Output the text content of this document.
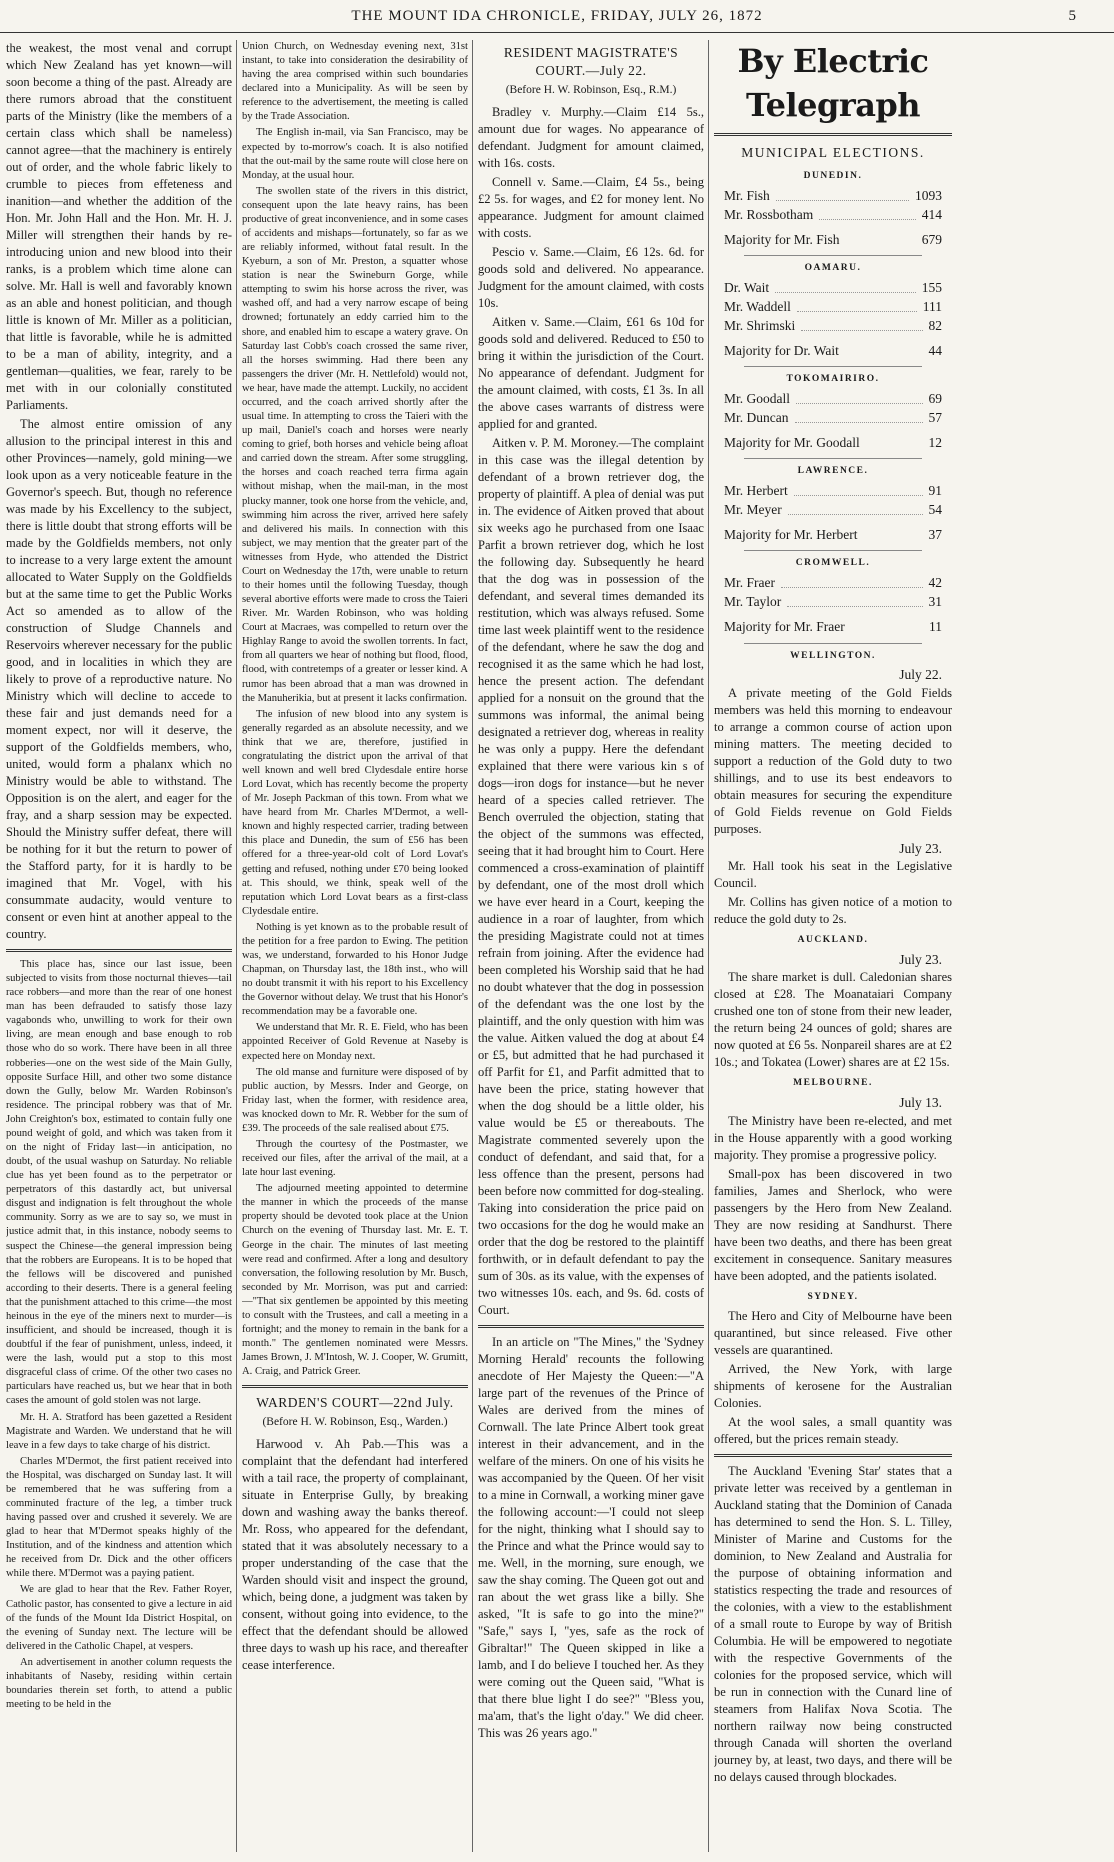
THE MOUNT IDA CHRONICLE, FRIDAY, JULY 26, 1872	5

the weakest, the most venal and corrupt which New Zealand has yet known—will soon become a thing of the past. Already are there rumors abroad that the constituent parts of the Ministry (like the members of a certain class which shall be nameless) cannot agree—that the machinery is entirely out of order, and the whole fabric likely to crumble to pieces from effeteness and inanition—and whether the addition of the Hon. Mr. John Hall and the Hon. Mr. H. J. Miller will strengthen their hands by re-introducing union and new blood into their ranks, is a problem which time alone can solve. Mr. Hall is well and favorably known as an able and honest politician, and though little is known of Mr. Miller as a politician, that little is favorable, while he is admitted to be a man of ability, integrity, and a gentleman—qualities, we fear, rarely to be met with in our colonially constituted Parliaments.

The almost entire omission of any allusion to the principal interest in this and other Provinces—namely, gold mining—we look upon as a very noticeable feature in the Governor's speech. But, though no reference was made by his Excellency to the subject, there is little doubt that strong efforts will be made by the Goldfields members, not only to increase to a very large extent the amount allocated to Water Supply on the Goldfields but at the same time to get the Public Works Act so amended as to allow of the construction of Sludge Channels and Reservoirs wherever necessary for the public good, and in localities in which they are likely to prove of a reproductive nature. No Ministry which will decline to accede to these fair and just demands need for a moment expect, nor will it deserve, the support of the Goldfields members, who, united, would form a phalanx which no Ministry would be able to withstand. The Opposition is on the alert, and eager for the fray, and a sharp session may be expected. Should the Ministry suffer defeat, there will be nothing for it but the return to power of the Stafford party, for it is hardly to be imagined that Mr. Vogel, with his consummate audacity, would venture to consent or even hint at another appeal to the country.

This place has, since our last issue, been subjected to visits from those nocturnal thieves—tail race robbers—and more than the rear of one honest man has been defrauded to satisfy those lazy vagabonds who, unwilling to work for their own living, are mean enough and base enough to rob those who do so work. There have been in all three robberies—one on the west side of the Main Gully, opposite Surface Hill, and other two some distance down the Gully, below Mr. Warden Robinson's residence. The principal robbery was that of Mr. John Creighton's box, estimated to contain fully one pound weight of gold, and which was taken from it on the night of Friday last—in anticipation, no doubt, of the usual washup on Saturday. No reliable clue has yet been found as to the perpetrator or perpetrators of this dastardly act, but universal disgust and indignation is felt throughout the whole community. Sorry as we are to say so, we must in justice admit that, in this instance, nobody seems to suspect the Chinese—the general impression being that the robbers are Europeans. It is to be hoped that the fellows will be discovered and punished according to their deserts. There is a general feeling that the punishment attached to this crime—the most heinous in the eye of the miners next to murder—is insufficient, and should be increased, though it is doubtful if the fear of punishment, unless, indeed, it were the lash, would put a stop to this most disgraceful class of crime. Of the other two cases no particulars have reached us, but we hear that in both cases the amount of gold stolen was not large.

Mr. H. A. Stratford has been gazetted a Resident Magistrate and Warden. We understand that he will leave in a few days to take charge of his district.

Charles M'Dermot, the first patient received into the Hospital, was discharged on Sunday last. It will be remembered that he was suffering from a comminuted fracture of the leg, a timber truck having passed over and crushed it severely. We are glad to hear that M'Dermot speaks highly of the Institution, and of the kindness and attention which he received from Dr. Dick and the other officers while there. M'Dermot was a paying patient.

We are glad to hear that the Rev. Father Royer, Catholic pastor, has consented to give a lecture in aid of the funds of the Mount Ida District Hospital, on the evening of Sunday next. The lecture will be delivered in the Catholic Chapel, at vespers.

An advertisement in another column requests the inhabitants of Naseby, residing within certain boundaries therein set forth, to attend a public meeting to be held in the

Union Church, on Wednesday evening next, 31st instant, to take into consideration the desirability of having the area comprised within such boundaries declared into a Municipality. As will be seen by reference to the advertisement, the meeting is called by the Trade Association.

The English in-mail, via San Francisco, may be expected by to-morrow's coach. It is also notified that the out-mail by the same route will close here on Monday, at the usual hour.

The swollen state of the rivers in this district, consequent upon the late heavy rains, has been productive of great inconvenience, and in some cases of accidents and mishaps—fortunately, so far as we are reliably informed, without fatal result. In the Kyeburn, a son of Mr. Preston, a squatter whose station is near the Swineburn Gorge, while attempting to swim his horse across the river, was washed off, and had a very narrow escape of being drowned; fortunately an eddy carried him to the shore, and enabled him to escape a watery grave. On Saturday last Cobb's coach crossed the same river, all the horses swimming. Had there been any passengers the driver (Mr. H. Nettlefold) would not, we hear, have made the attempt. Luckily, no accident occurred, and the coach arrived shortly after the usual time. In attempting to cross the Taieri with the up mail, Daniel's coach and horses were nearly coming to grief, both horses and vehicle being afloat and carried down the stream. After some struggling, the horses and coach reached terra firma again without mishap, when the mail-man, in the most plucky manner, took one horse from the vehicle, and, swimming him across the river, arrived here safely and delivered his mails. In connection with this subject, we may mention that the greater part of the witnesses from Hyde, who attended the District Court on Wednesday the 17th, were unable to return to their homes until the following Tuesday, though several abortive efforts were made to cross the Taieri River. Mr. Warden Robinson, who was holding Court at Macraes, was compelled to return over the Highlay Range to avoid the swollen torrents. In fact, from all quarters we hear of nothing but flood, flood, flood, with contretemps of a greater or lesser kind. A rumor has been abroad that a man was drowned in the Manuherikia, but at present it lacks confirmation.

The infusion of new blood into any system is generally regarded as an absolute necessity, and we think that we are, therefore, justified in congratulating the district upon the arrival of that well known and well bred Clydesdale entire horse Lord Lovat, which has recently become the property of Mr. Joseph Packman of this town. From what we have heard from Mr. Charles M'Dermot, a well-known and highly respected carrier, trading between this place and Dunedin, the sum of £56 has been offered for a three-year-old colt of Lord Lovat's getting and refused, nothing under £70 being looked at. This should, we think, speak well of the reputation which Lord Lovat bears as a first-class Clydesdale entire.

Nothing is yet known as to the probable result of the petition for a free pardon to Ewing. The petition was, we understand, forwarded to his Honor Judge Chapman, on Thursday last, the 18th inst., who will no doubt transmit it with his report to his Excellency the Governor without delay. We trust that his Honor's recommendation may be a favorable one.

We understand that Mr. R. E. Field, who has been appointed Receiver of Gold Revenue at Naseby is expected here on Monday next.

The old manse and furniture were disposed of by public auction, by Messrs. Inder and George, on Friday last, when the former, with residence area, was knocked down to Mr. R. Webber for the sum of £39. The proceeds of the sale realised about £75.

Through the courtesy of the Postmaster, we received our files, after the arrival of the mail, at a late hour last evening.

The adjourned meeting appointed to determine the manner in which the proceeds of the manse property should be devoted took place at the Union Church on the evening of Thursday last. Mr. E. T. George in the chair. The minutes of last meeting were read and confirmed. After a long and desultory conversation, the following resolution by Mr. Busch, seconded by Mr. Morrison, was put and carried:—"That six gentlemen be appointed by this meeting to consult with the Trustees, and call a meeting in a fortnight; and the money to remain in the bank for a month." The gentlemen nominated were Messrs. James Brown, J. M'Intosh, W. J. Cooper, W. Grumitt, A. Craig, and Patrick Greer.

WARDEN'S COURT—22nd July.
(Before H. W. Robinson, Esq., Warden.)

Harwood v. Ah Pab.—This was a complaint that the defendant had interfered with a tail race, the property of complainant, situate in Enterprise Gully, by breaking down and washing away the banks thereof. Mr. Ross, who appeared for the defendant, stated that it was absolutely necessary to a proper understanding of the case that the Warden should visit and inspect the ground, which, being done, a judgment was taken by consent, without going into evidence, to the effect that the defendant should be allowed three days to wash up his race, and thereafter cease interference.

RESIDENT MAGISTRATE'S COURT.—July 22.
(Before H. W. Robinson, Esq., R.M.)

Bradley v. Murphy.—Claim £14 5s., amount due for wages. No appearance of defendant. Judgment for amount claimed, with 16s. costs.

Connell v. Same.—Claim, £4 5s., being £2 5s. for wages, and £2 for money lent. No appearance. Judgment for amount claimed with costs.

Pescio v. Same.—Claim, £6 12s. 6d. for goods sold and delivered. No appearance. Judgment for the amount claimed, with costs 10s.

Aitken v. Same.—Claim, £61 6s 10d for goods sold and delivered. Reduced to £50 to bring it within the jurisdiction of the Court. No appearance of defendant. Judgment for the amount claimed, with costs, £1 3s. In all the above cases warrants of distress were applied for and granted.

Aitken v. P. M. Moroney.—The complaint in this case was the illegal detention by defendant of a brown retriever dog, the property of plaintiff. A plea of denial was put in. The evidence of Aitken proved that about six weeks ago he purchased from one Isaac Parfit a brown retriever dog, which he lost the following day. Subsequently he heard that the dog was in possession of the defendant, and several times demanded its restitution, which was always refused. Some time last week plaintiff went to the residence of the defendant, where he saw the dog and recognised it as the same which he had lost, hence the present action. The defendant applied for a nonsuit on the ground that the summons was informal, the animal being designated a retriever dog, whereas in reality he was only a puppy. Here the defendant explained that there were various kin s of dogs—iron dogs for instance—but he never heard of a species called retriever. The Bench overruled the objection, stating that the object of the summons was effected, seeing that it had brought him to Court. Here commenced a cross-examination of plaintiff by defendant, one of the most droll which we have ever heard in a Court, keeping the audience in a roar of laughter, from which the presiding Magistrate could not at times refrain from joining. After the evidence had been completed his Worship said that he had no doubt whatever that the dog in possession of the defendant was the one lost by the plaintiff, and the only question with him was the value. Aitken valued the dog at about £4 or £5, but admitted that he had purchased it off Parfit for £1, and Parfit admitted that to have been the price, stating however that when the dog should be a little older, his value would be £5 or thereabouts. The Magistrate commented severely upon the conduct of defendant, and said that, for a less offence than the present, persons had been before now committed for dog-stealing. Taking into consideration the price paid on two occasions for the dog he would make an order that the dog be restored to the plaintiff forthwith, or in default defendant to pay the sum of 30s. as its value, with the expenses of two witnesses 10s. each, and 9s. 6d. costs of Court.

In an article on "The Mines," the 'Sydney Morning Herald' recounts the following anecdote of Her Majesty the Queen:—"A large part of the revenues of the Prince of Wales are derived from the mines of Cornwall. The late Prince Albert took great interest in their advancement, and in the welfare of the miners. On one of his visits he was accompanied by the Queen. Of her visit to a mine in Cornwall, a working miner gave the following account:—'I could not sleep for the night, thinking what I should say to the Prince and what the Prince would say to me. Well, in the morning, sure enough, we saw the shay coming. The Queen got out and ran about the wet grass like a billy. She asked, "It is safe to go into the mine?" "Safe," says I, "yes, safe as the rock of Gibraltar!" The Queen skipped in like a lamb, and I do believe I touched her. As they were coming out the Queen said, "What is that there blue light I do see?" "Bless you, ma'am, that's the light o'day." We did cheer. This was 26 years ago."

By Electric Telegraph
MUNICIPAL ELECTIONS.
DUNEDIN.
Mr. Fish	1093
Mr. Rossbotham	414
Majority for Mr. Fish	679
OAMARU.
Dr. Wait	155
Mr. Waddell	111
Mr. Shrimski	82
Majority for Dr. Wait	44
TOKOMAIRIRO.
Mr. Goodall	69
Mr. Duncan	57
Majority for Mr. Goodall	12
LAWRENCE.
Mr. Herbert	91
Mr. Meyer	54
Majority for Mr. Herbert	37
CROMWELL.
Mr. Fraer	42
Mr. Taylor	31
Majority for Mr. Fraer	11
WELLINGTON.
July 22.

A private meeting of the Gold Fields members was held this morning to endeavour to arrange a common course of action upon mining matters. The meeting decided to support a reduction of the Gold duty to two shillings, and to use its best endeavors to obtain measures for securing the expenditure of Gold Fields revenue on Gold Fields purposes.

July 23.

Mr. Hall took his seat in the Legislative Council.

Mr. Collins has given notice of a motion to reduce the gold duty to 2s.

AUCKLAND.
July 23.

The share market is dull. Caledonian shares closed at £28. The Moanataiari Company crushed one ton of stone from their new leader, the return being 24 ounces of gold; shares are now quoted at £6 5s. Nonpareil shares are at £2 10s.; and Tokatea (Lower) shares are at £2 15s.

MELBOURNE.
July 13.

The Ministry have been re-elected, and met in the House apparently with a good working majority. They promise a progressive policy.

Small-pox has been discovered in two families, James and Sherlock, who were passengers by the Hero from New Zealand. They are now residing at Sandhurst. There have been two deaths, and there has been great excitement in consequence. Sanitary measures have been adopted, and the patients isolated.

SYDNEY.

The Hero and City of Melbourne have been quarantined, but since released. Five other vessels are quarantined.

Arrived, the New York, with large shipments of kerosene for the Australian Colonies.

At the wool sales, a small quantity was offered, but the prices remain steady.

The Auckland 'Evening Star' states that a private letter was received by a gentleman in Auckland stating that the Dominion of Canada has determined to send the Hon. S. L. Tilley, Minister of Marine and Customs for the dominion, to New Zealand and Australia for the purpose of obtaining information and statistics respecting the trade and resources of the colonies, with a view to the establishment of a small route to Europe by way of British Columbia. He will be empowered to negotiate with the respective Governments of the colonies for the proposed service, which will be run in connection with the Cunard line of steamers from Halifax Nova Scotia. The northern railway now being constructed through Canada will shorten the overland journey by, at least, two days, and there will be no delays caused through blockades.
